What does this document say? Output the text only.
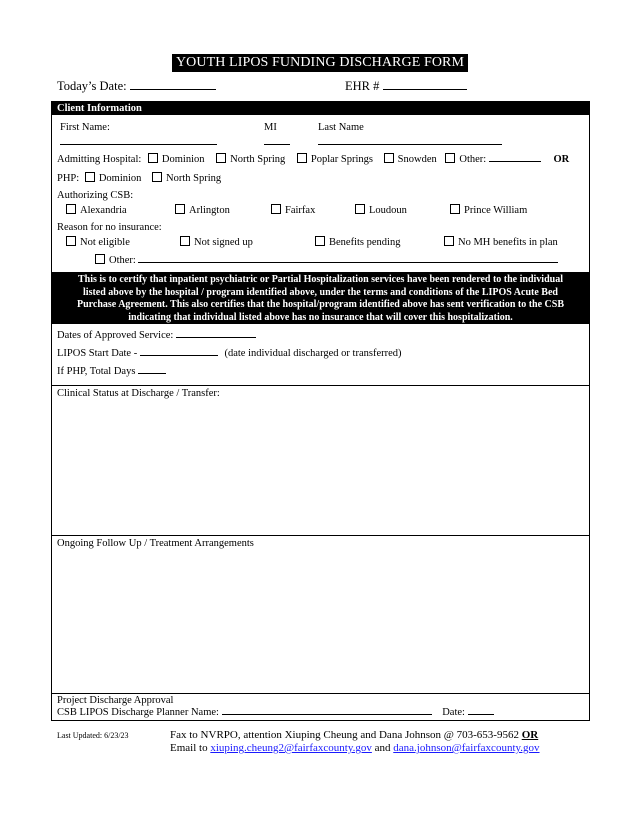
YOUTH LIPOS FUNDING DISCHARGE FORM
Today’s Date:	EHR #
Client Information
First Name:	MI	Last Name
Admitting Hospital: Dominion North Spring Poplar Springs Snowden Other:	OR
PHP: Dominion North Spring
Authorizing CSB:
Alexandria	Arlington	Fairfax	Loudoun	Prince William
Reason for no insurance:
Not eligible	Not signed up	Benefits pending	No MH benefits in plan
Other:
This is to certify that inpatient psychiatric or Partial Hospitalization services have been rendered to the individual
listed above by the hospital / program identified above, under the terms and conditions of the LIPOS Acute Bed
Purchase Agreement. This also certifies that the hospital/program identified above has sent verification to the CSB
indicating that individual listed above has no insurance that will cover this hospitalization.
Dates of Approved Service:
LIPOS Start Date -	(date individual discharged or transferred)
If PHP, Total Days
Clinical Status at Discharge / Transfer:
Ongoing Follow Up / Treatment Arrangements
Project Discharge Approval
CSB LIPOS Discharge Planner Name:	Date:
Last Updated: 6/23/23	Fax to NVRPO, attention Xiuping Cheung and Dana Johnson @ 703-653-9562 OR
Email to xiuping.cheung2@fairfaxcounty.gov and dana.johnson@fairfaxcounty.gov
